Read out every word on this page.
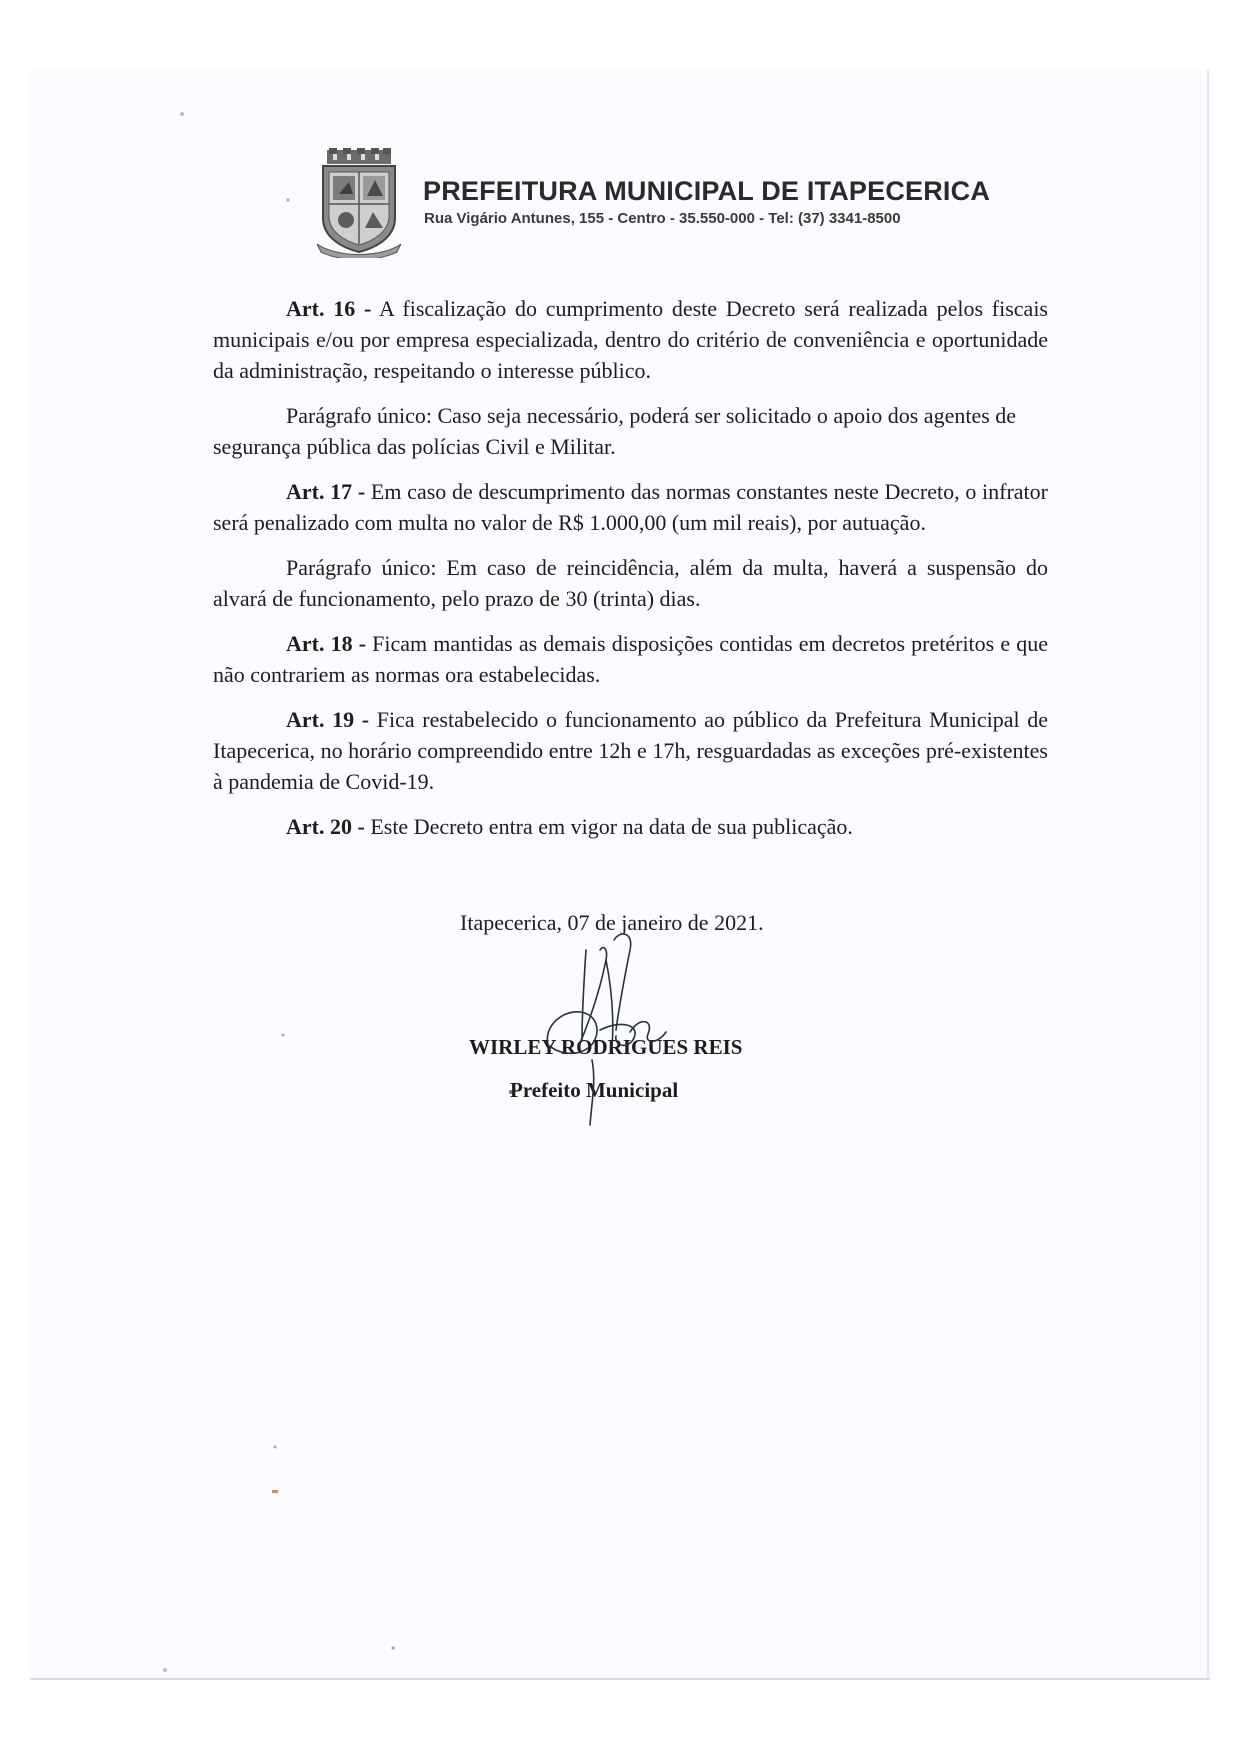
PREFEITURA MUNICIPAL DE ITAPECERICA
Rua Vigário Antunes, 155 - Centro - 35.550-000 - Tel: (37) 3341-8500

Art. 16 - A fiscalização do cumprimento deste Decreto será realizada pelos fiscais municipais e/ou por empresa especializada, dentro do critério de conveniência e oportunidade da administração, respeitando o interesse público.

Parágrafo único: Caso seja necessário, poderá ser solicitado o apoio dos agentes de segurança pública das polícias Civil e Militar.

Art. 17 - Em caso de descumprimento das normas constantes neste Decreto, o infrator será penalizado com multa no valor de R$ 1.000,00 (um mil reais), por autuação.

Parágrafo único: Em caso de reincidência, além da multa, haverá a suspensão do alvará de funcionamento, pelo prazo de 30 (trinta) dias.

Art. 18 - Ficam mantidas as demais disposições contidas em decretos pretéritos e que não contrariem as normas ora estabelecidas.

Art. 19 - Fica restabelecido o funcionamento ao público da Prefeitura Municipal de Itapecerica, no horário compreendido entre 12h e 17h, resguardadas as exceções pré-existentes à pandemia de Covid-19.

Art. 20 - Este Decreto entra em vigor na data de sua publicação.

Itapecerica, 07 de janeiro de 2021.
WIRLEY RODRIGUES REIS
Prefeito Municipal
